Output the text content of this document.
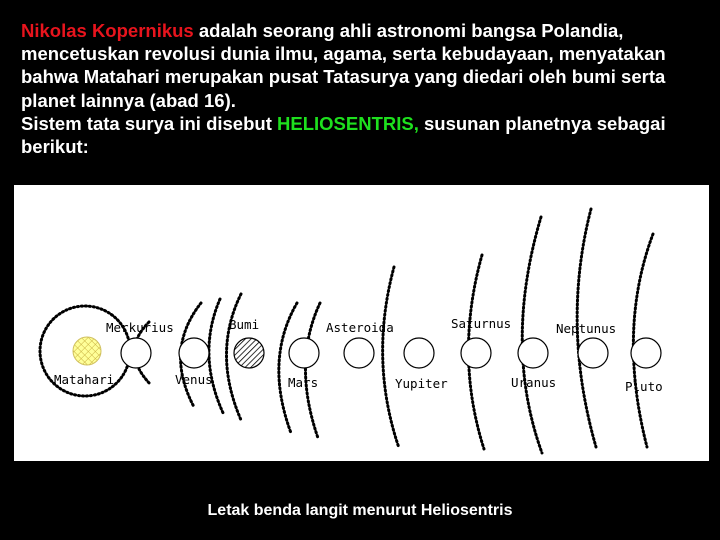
Nikolas Kopernikus adalah seorang ahli astronomi bangsa Polandia, mencetuskan revolusi dunia ilmu, agama, serta kebudayaan, menyatakan bahwa Matahari merupakan pusat Tatasurya yang diedari oleh bumi serta planet lainnya (abad 16).
Sistem tata surya ini disebut HELIOSENTRIS, susunan planetnya sebagai berikut:

Matahari
Merkurius
Venus
Bumi
Mars
Asteroida
Yupiter
Saturnus
Uranus
Neptunus
Pluto
Letak benda langit menurut Heliosentris
